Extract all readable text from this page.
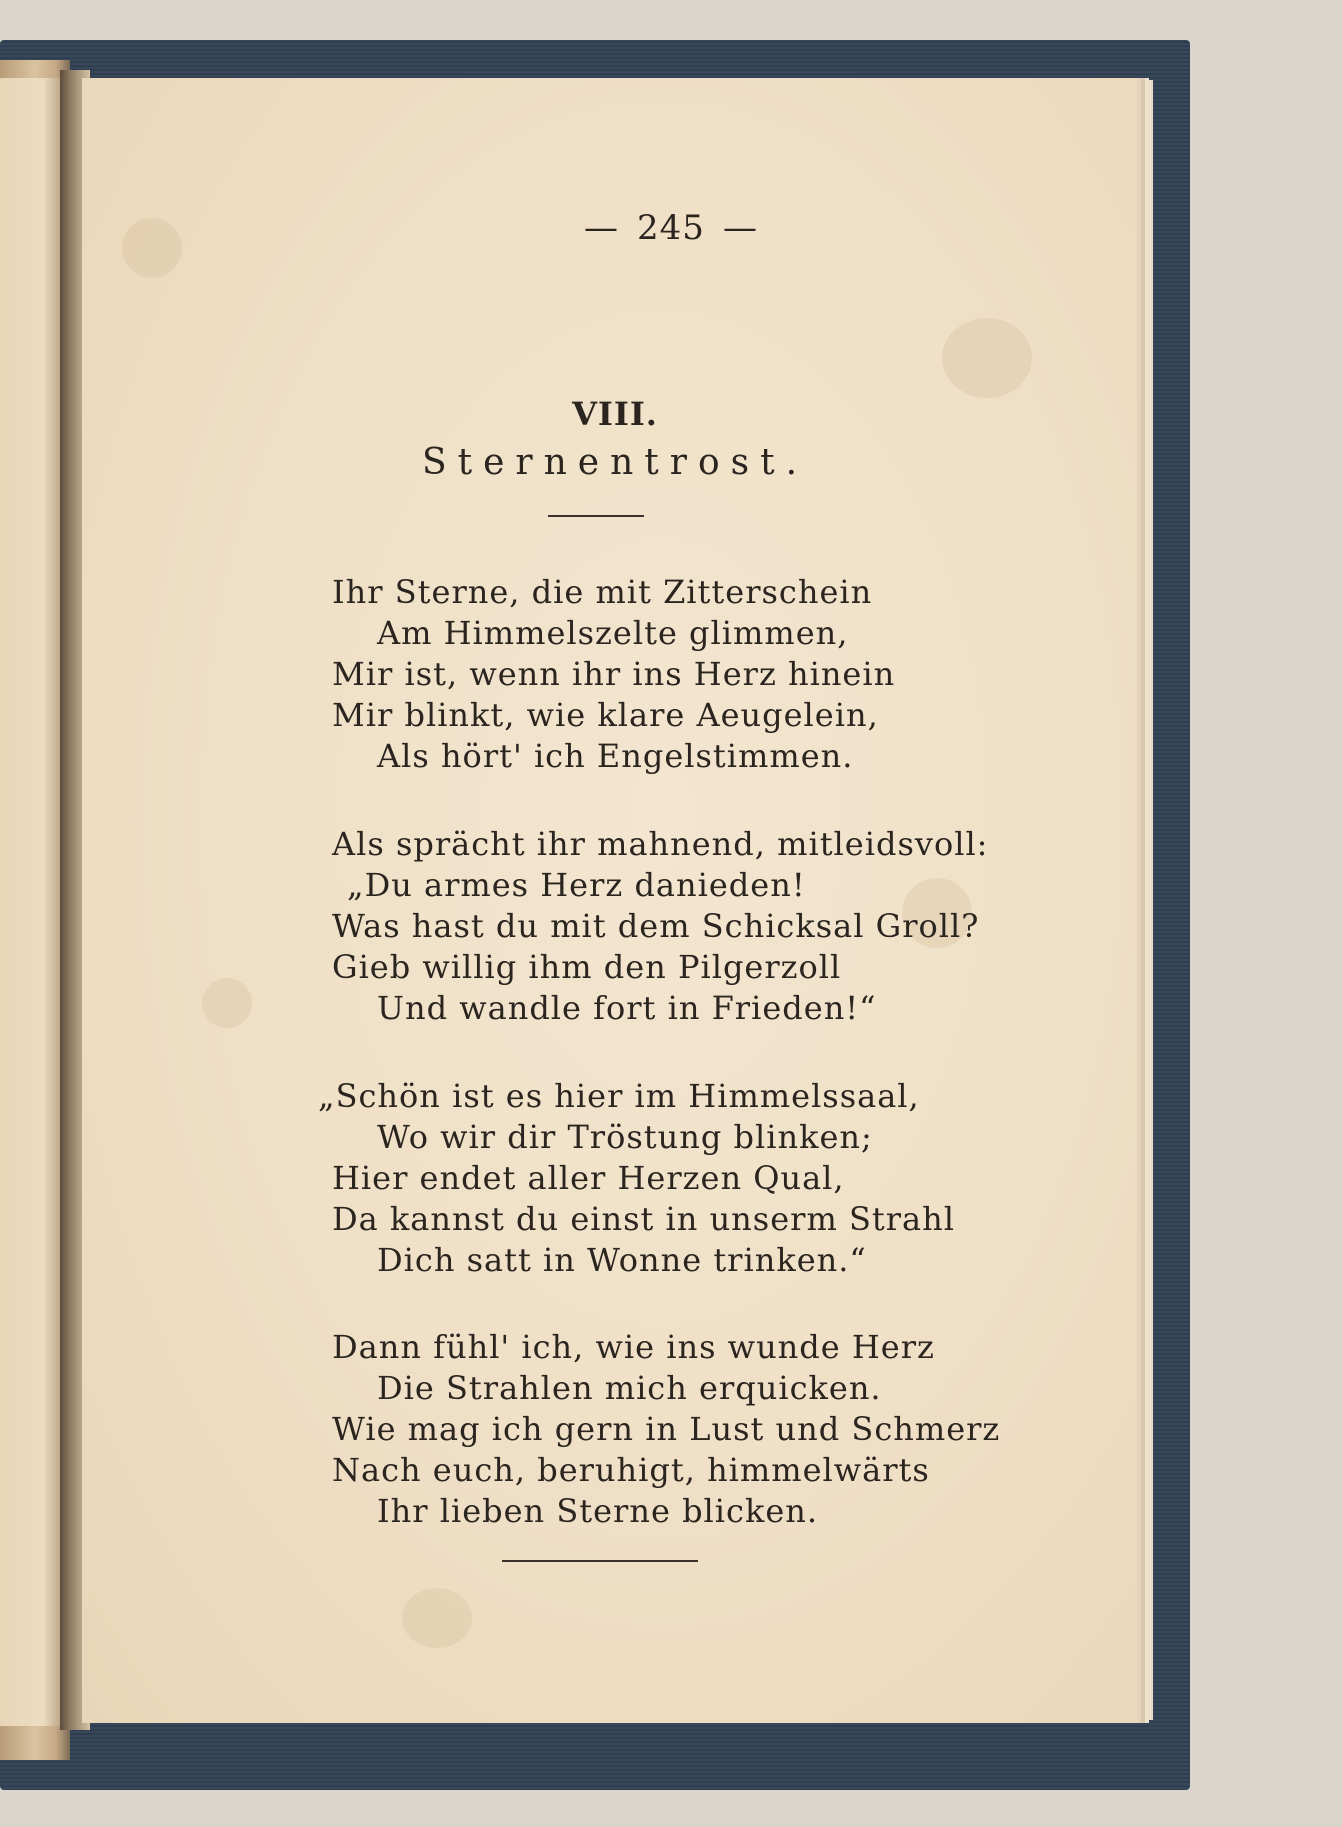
— 245 —
VIII.
Sternentrost.
Ihr Sterne, die mit Zitterschein
Am Himmelszelte glimmen,
Mir ist, wenn ihr ins Herz hinein
Mir blinkt, wie klare Aeugelein,
Als hört' ich Engelstimmen.
Als sprächt ihr mahnend, mitleidsvoll:
„Du armes Herz danieden!
Was hast du mit dem Schicksal Groll?
Gieb willig ihm den Pilgerzoll
Und wandle fort in Frieden!“
„Schön ist es hier im Himmelssaal,
Wo wir dir Tröstung blinken;
Hier endet aller Herzen Qual,
Da kannst du einst in unserm Strahl
Dich satt in Wonne trinken.“
Dann fühl' ich, wie ins wunde Herz
Die Strahlen mich erquicken.
Wie mag ich gern in Lust und Schmerz
Nach euch, beruhigt, himmelwärts
Ihr lieben Sterne blicken.
